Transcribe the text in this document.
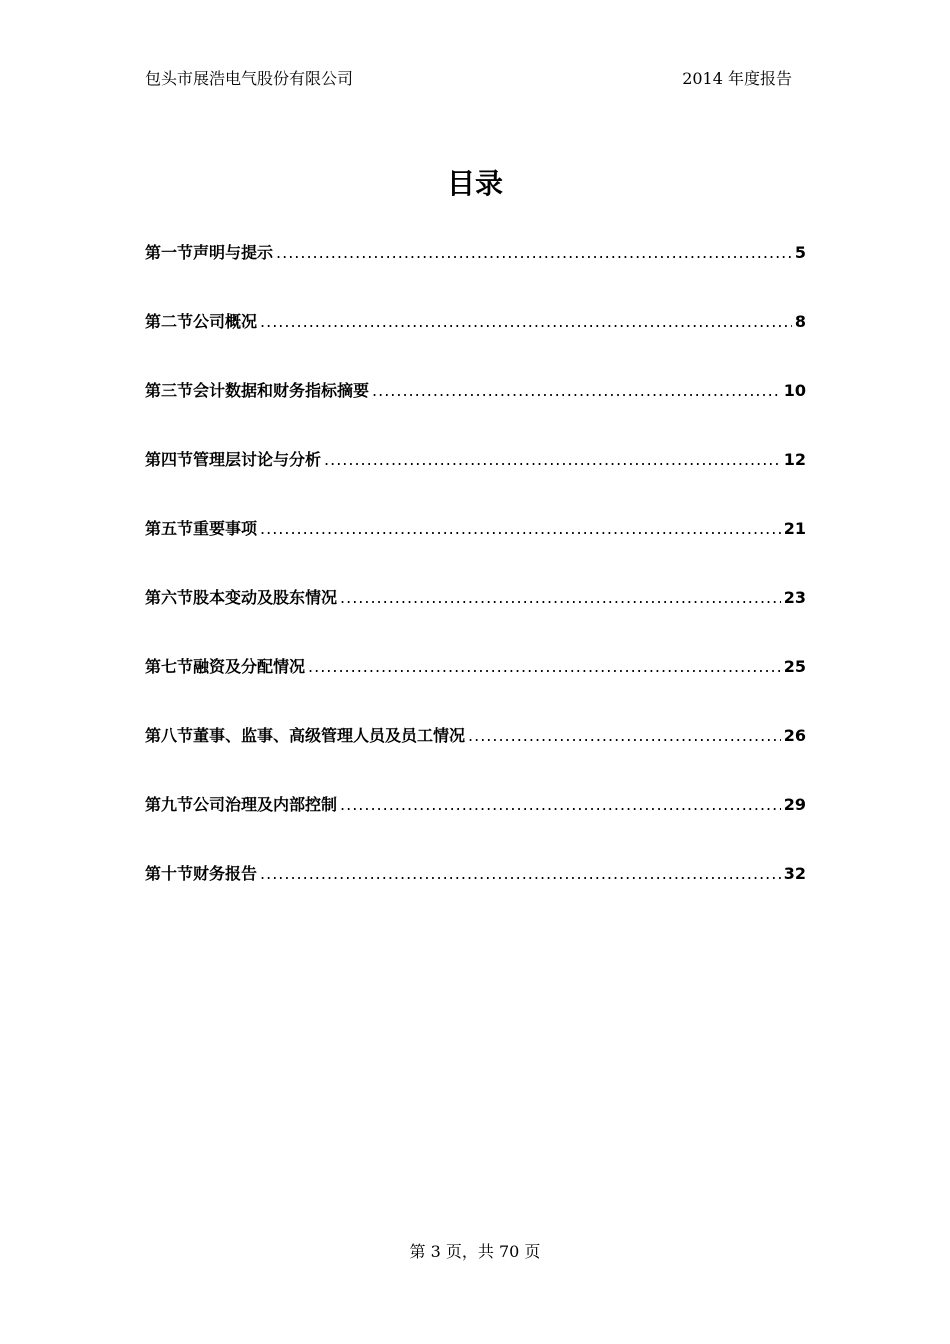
包头市展浩电气股份有限公司	2014 年度报告
目录
第一节声明与提示 .....	5
第二节公司概况 .....	8
第三节会计数据和财务指标摘要 .....	10
第四节管理层讨论与分析 .....	12
第五节重要事项 .....	21
第六节股本变动及股东情况 .....	23
第七节融资及分配情况 .....	25
第八节董事、监事、高级管理人员及员工情况 .....	26
第九节公司治理及内部控制 .....	29
第十节财务报告 .....	32
第 3 页，共 70 页
